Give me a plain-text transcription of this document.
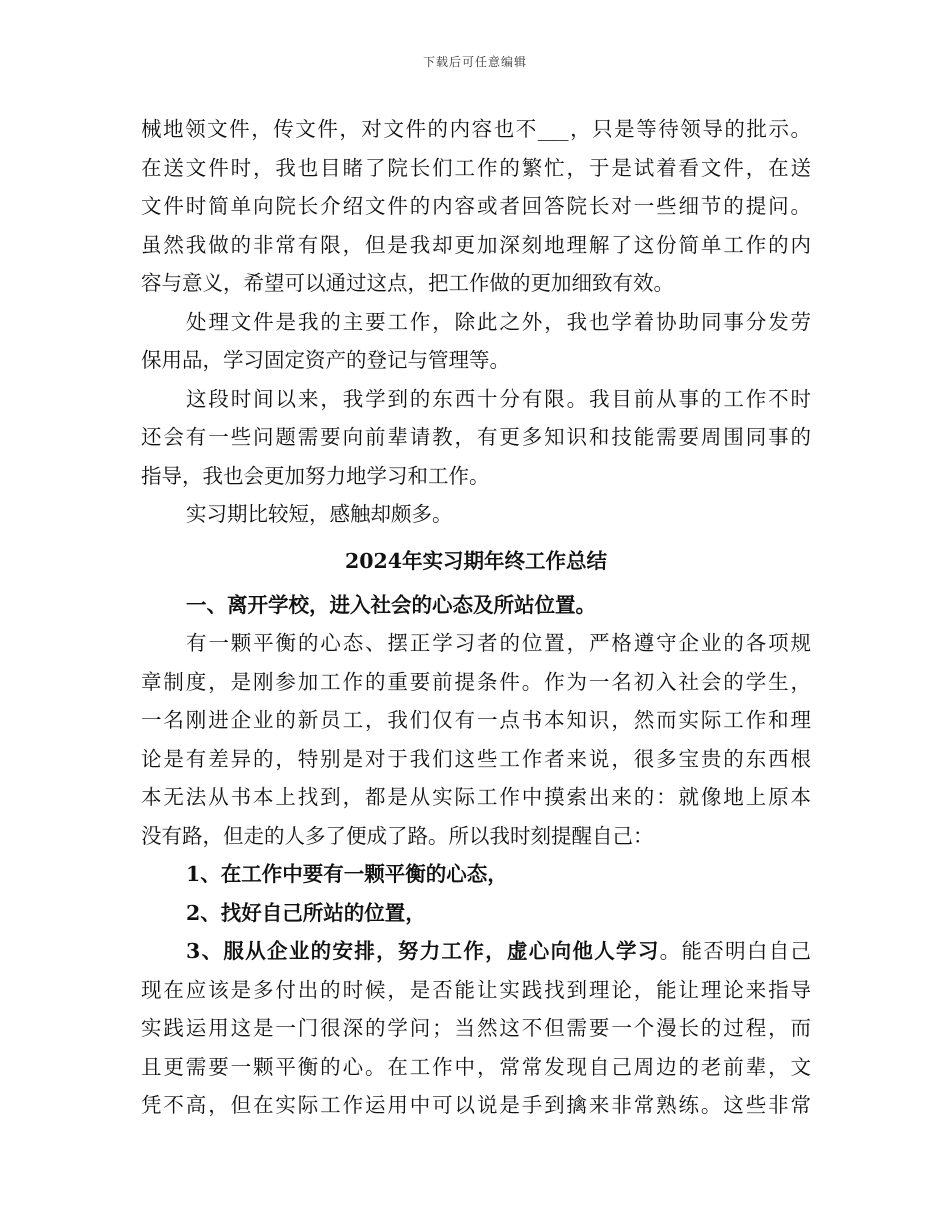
下载后可任意编辑
械地领文件，传文件，对文件的内容也不___，只是等待领导的批示。
在送文件时，我也目睹了院长们工作的繁忙，于是试着看文件，在送
文件时简单向院长介绍文件的内容或者回答院长对一些细节的提问。
虽然我做的非常有限，但是我却更加深刻地理解了这份简单工作的内
容与意义，希望可以通过这点，把工作做的更加细致有效。
处理文件是我的主要工作，除此之外，我也学着协助同事分发劳
保用品，学习固定资产的登记与管理等。
这段时间以来，我学到的东西十分有限。我目前从事的工作不时
还会有一些问题需要向前辈请教，有更多知识和技能需要周围同事的
指导，我也会更加努力地学习和工作。
实习期比较短，感触却颇多。
2024年实习期年终工作总结
一、离开学校，进入社会的心态及所站位置。
有一颗平衡的心态、摆正学习者的位置，严格遵守企业的各项规
章制度，是刚参加工作的重要前提条件。作为一名初入社会的学生，
一名刚进企业的新员工，我们仅有一点书本知识，然而实际工作和理
论是有差异的，特别是对于我们这些工作者来说，很多宝贵的东西根
本无法从书本上找到，都是从实际工作中摸索出来的：就像地上原本
没有路，但走的人多了便成了路。所以我时刻提醒自己：
1、在工作中要有一颗平衡的心态，
2、找好自己所站的位置，
3、服从企业的安排，努力工作，虚心向他人学习。能否明白自己
现在应该是多付出的时候，是否能让实践找到理论，能让理论来指导
实践运用这是一门很深的学问；当然这不但需要一个漫长的过程，而
且更需要一颗平衡的心。在工作中，常常发现自己周边的老前辈，文
凭不高，但在实际工作运用中可以说是手到擒来非常熟练。这些非常
